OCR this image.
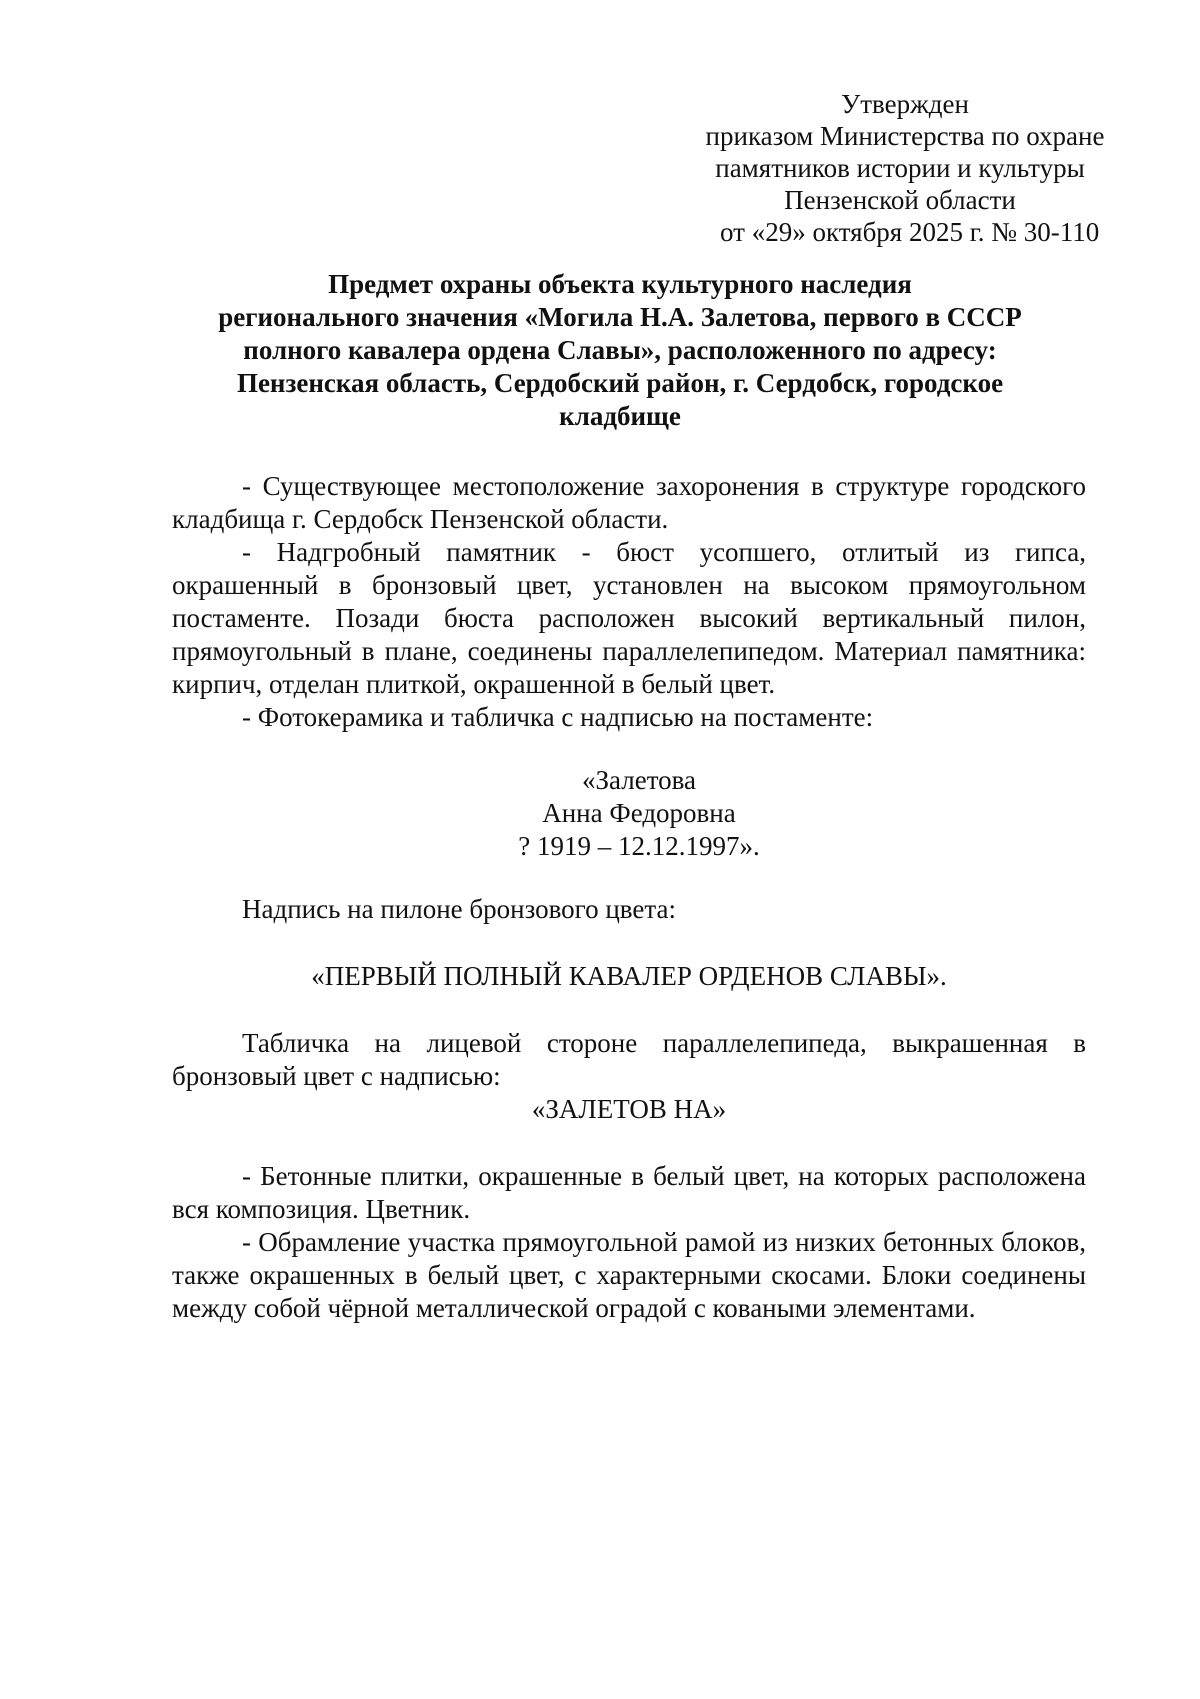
Утвержден
приказом Министерства по охране
памятников истории и культуры
Пензенской области
от «29» октября 2025 г. № 30-110
Предмет охраны объекта культурного наследия
регионального значения «Могила Н.А. Залетова, первого в СССР
полного кавалера ордена Славы», расположенного по адресу:
Пензенская область, Сердобский район, г. Сердобск, городское
кладбище

- Существующее местоположение захоронения в структуре городского кладбища г. Сердобск Пензенской области.

- Надгробный памятник - бюст усопшего, отлитый из гипса, окрашенный в бронзовый цвет, установлен на высоком прямоугольном постаменте. Позади бюста расположен высокий вертикальный пилон, прямоугольный в плане, соединены параллелепипедом. Материал памятника: кирпич, отделан плиткой, окрашенной в белый цвет.

- Фотокерамика и табличка с надписью на постаменте:

«Залетова
Анна Федоровна
? 1919 – 12.12.1997».

Надпись на пилоне бронзового цвета:

«ПЕРВЫЙ ПОЛНЫЙ КАВАЛЕР ОРДЕНОВ СЛАВЫ».

Табличка на лицевой стороне параллелепипеда, выкрашенная в бронзовый цвет с надписью:

«ЗАЛЕТОВ НА»

- Бетонные плитки, окрашенные в белый цвет, на которых расположена вся композиция. Цветник.

- Обрамление участка прямоугольной рамой из низких бетонных блоков, также окрашенных в белый цвет, с характерными скосами. Блоки соединены между собой чёрной металлической оградой с коваными элементами.
